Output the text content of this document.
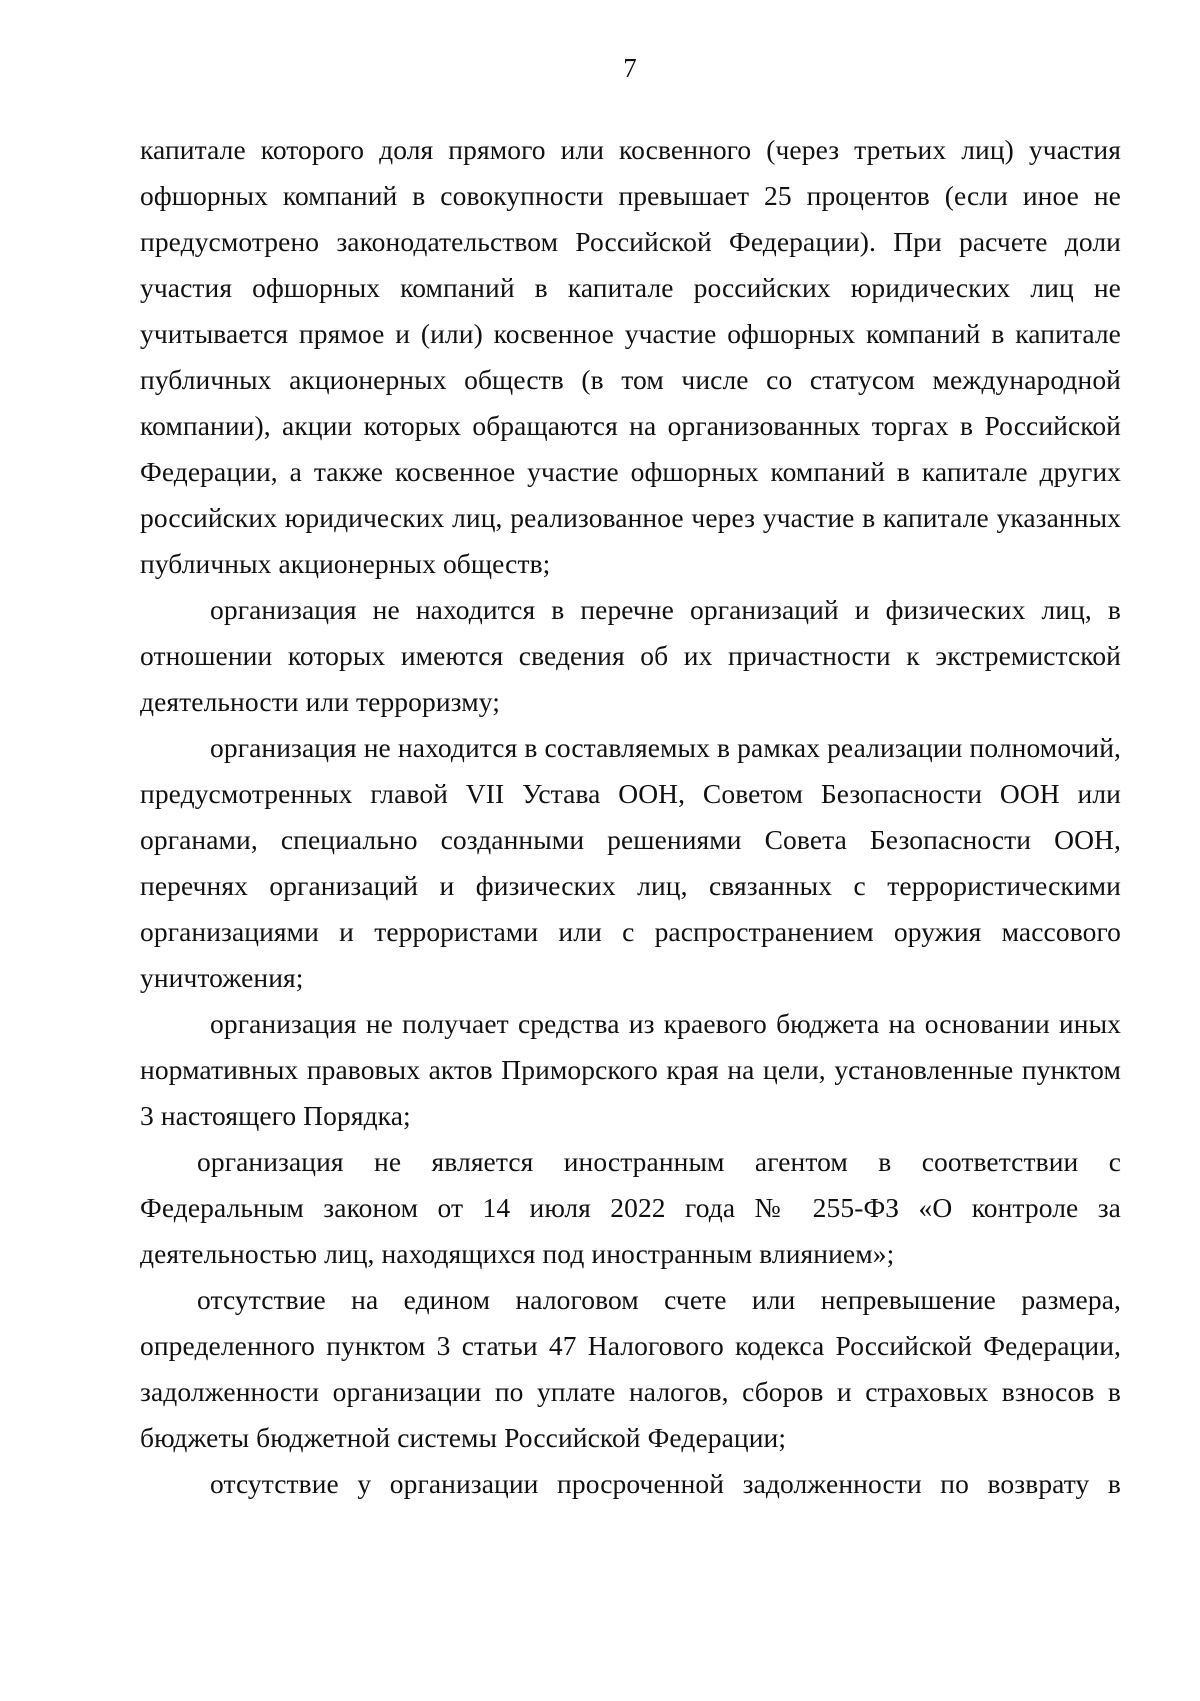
7

капитале которого доля прямого или косвенного (через третьих лиц) участия офшорных компаний в совокупности превышает 25 процентов (если иное не предусмотрено законодательством Российской Федерации). При расчете доли участия офшорных компаний в капитале российских юридических лиц не учитывается прямое и (или) косвенное участие офшорных компаний в капитале публичных акционерных обществ (в том числе со статусом международной компании), акции которых обращаются на организованных торгах в Российской Федерации, а также косвенное участие офшорных компаний в капитале других российских юридических лиц, реализованное через участие в капитале указанных публичных акционерных обществ;

организация не находится в перечне организаций и физических лиц, в отношении которых имеются сведения об их причастности к экстремистской деятельности или терроризму;

организация не находится в составляемых в рамках реализации полномочий, предусмотренных главой VII Устава ООН, Советом Безопасности ООН или органами, специально созданными решениями Совета Безопасности ООН, перечнях организаций и физических лиц, связанных с террористическими организациями и террористами или с распространением оружия массового уничтожения;

организация не получает средства из краевого бюджета на основании иных нормативных правовых актов Приморского края на цели, установленные пунктом 3 настоящего Порядка;

организация не является иностранным агентом в соответствии с Федеральным законом от 14 июля 2022 года № 255-ФЗ «О контроле за деятельностью лиц, находящихся под иностранным влиянием»;

отсутствие на едином налоговом счете или непревышение размера, определенного пунктом 3 статьи 47 Налогового кодекса Российской Федерации, задолженности организации по уплате налогов, сборов и страховых взносов в бюджеты бюджетной системы Российской Федерации;

отсутствие у организации просроченной задолженности по возврату в
